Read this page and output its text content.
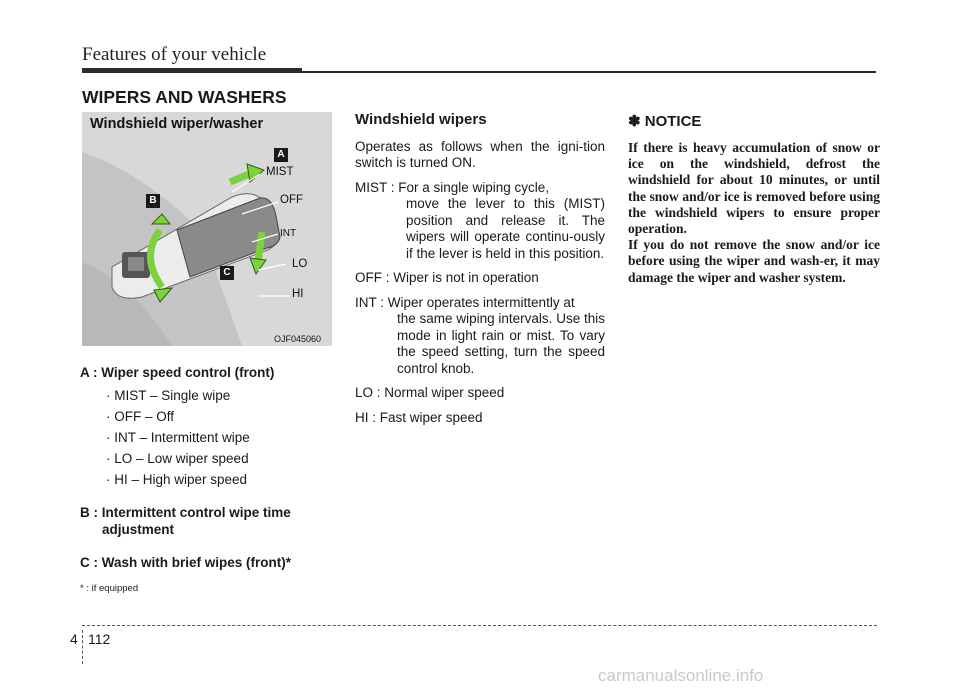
Features of your vehicle
WIPERS AND WASHERS
Windshield wiper/washer
A
B
C
MIST
OFF
INT
LO
HI
OJF045060
A : Wiper speed control (front)
· MIST – Single wipe
· OFF – Off
· INT – Intermittent wipe
· LO – Low wiper speed
· HI – High wiper speed
B : Intermittent control wipe time
adjustment
C : Wash with brief wipes (front)*
* : if equipped
Windshield wipers
Operates as follows when the igni-tion switch is turned ON.
MIST : For a single wiping cycle,
move the lever to this (MIST) position and release it. The wipers will operate continu-ously if the lever is held in this position.
OFF : Wiper is not in operation
INT : Wiper operates intermittently at
the same wiping intervals. Use this mode in light rain or mist. To vary the speed setting, turn the speed control knob.
LO : Normal wiper speed
HI : Fast wiper speed
✽ NOTICE
If there is heavy accumulation of snow or ice on the windshield, defrost the windshield for about 10 minutes, or until the snow and/or ice is removed before using the windshield wipers to ensure proper operation.
If you do not remove the snow and/or ice before using the wiper and wash-er, it may damage the wiper and washer system.
4 112
carmanualsonline.info
